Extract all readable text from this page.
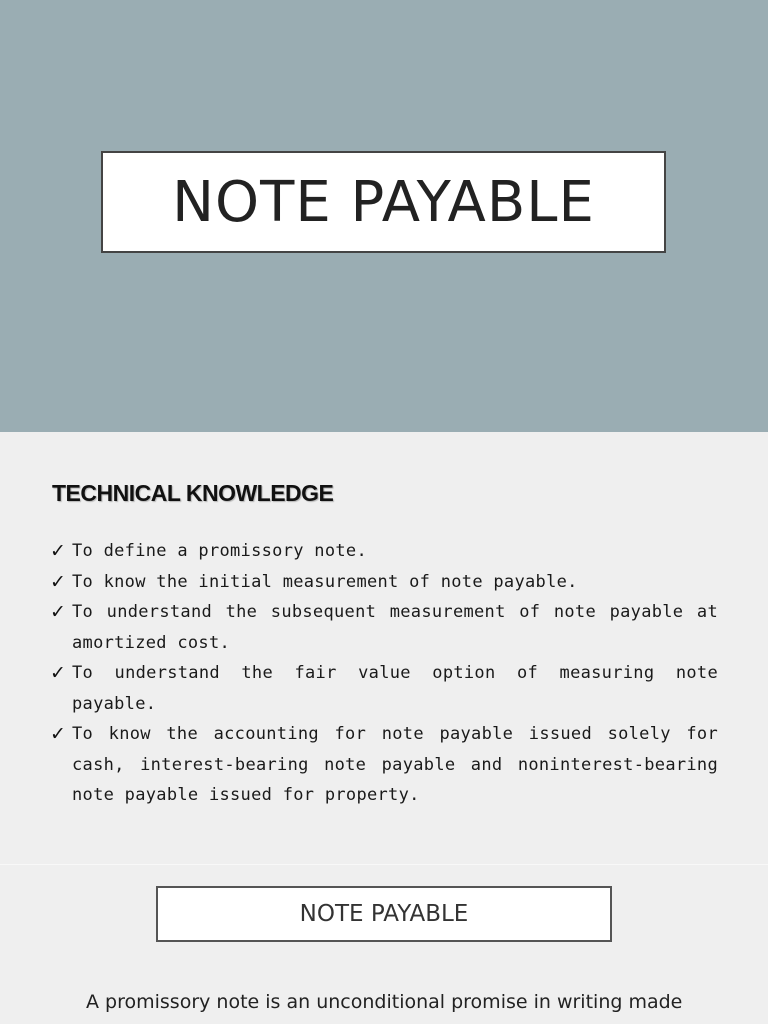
NOTE PAYABLE
TECHNICAL KNOWLEDGE
✓ To define a promissory note.
✓ To know the initial measurement of note payable.
✓ To understand the subsequent measurement of note payable at amortized cost.
✓ To understand the fair value option of measuring note payable.
✓ To know the accounting for note payable issued solely for cash, interest-bearing note payable and noninterest-bearing note payable issued for property.
NOTE PAYABLE
A promissory note is an unconditional promise in writing made
